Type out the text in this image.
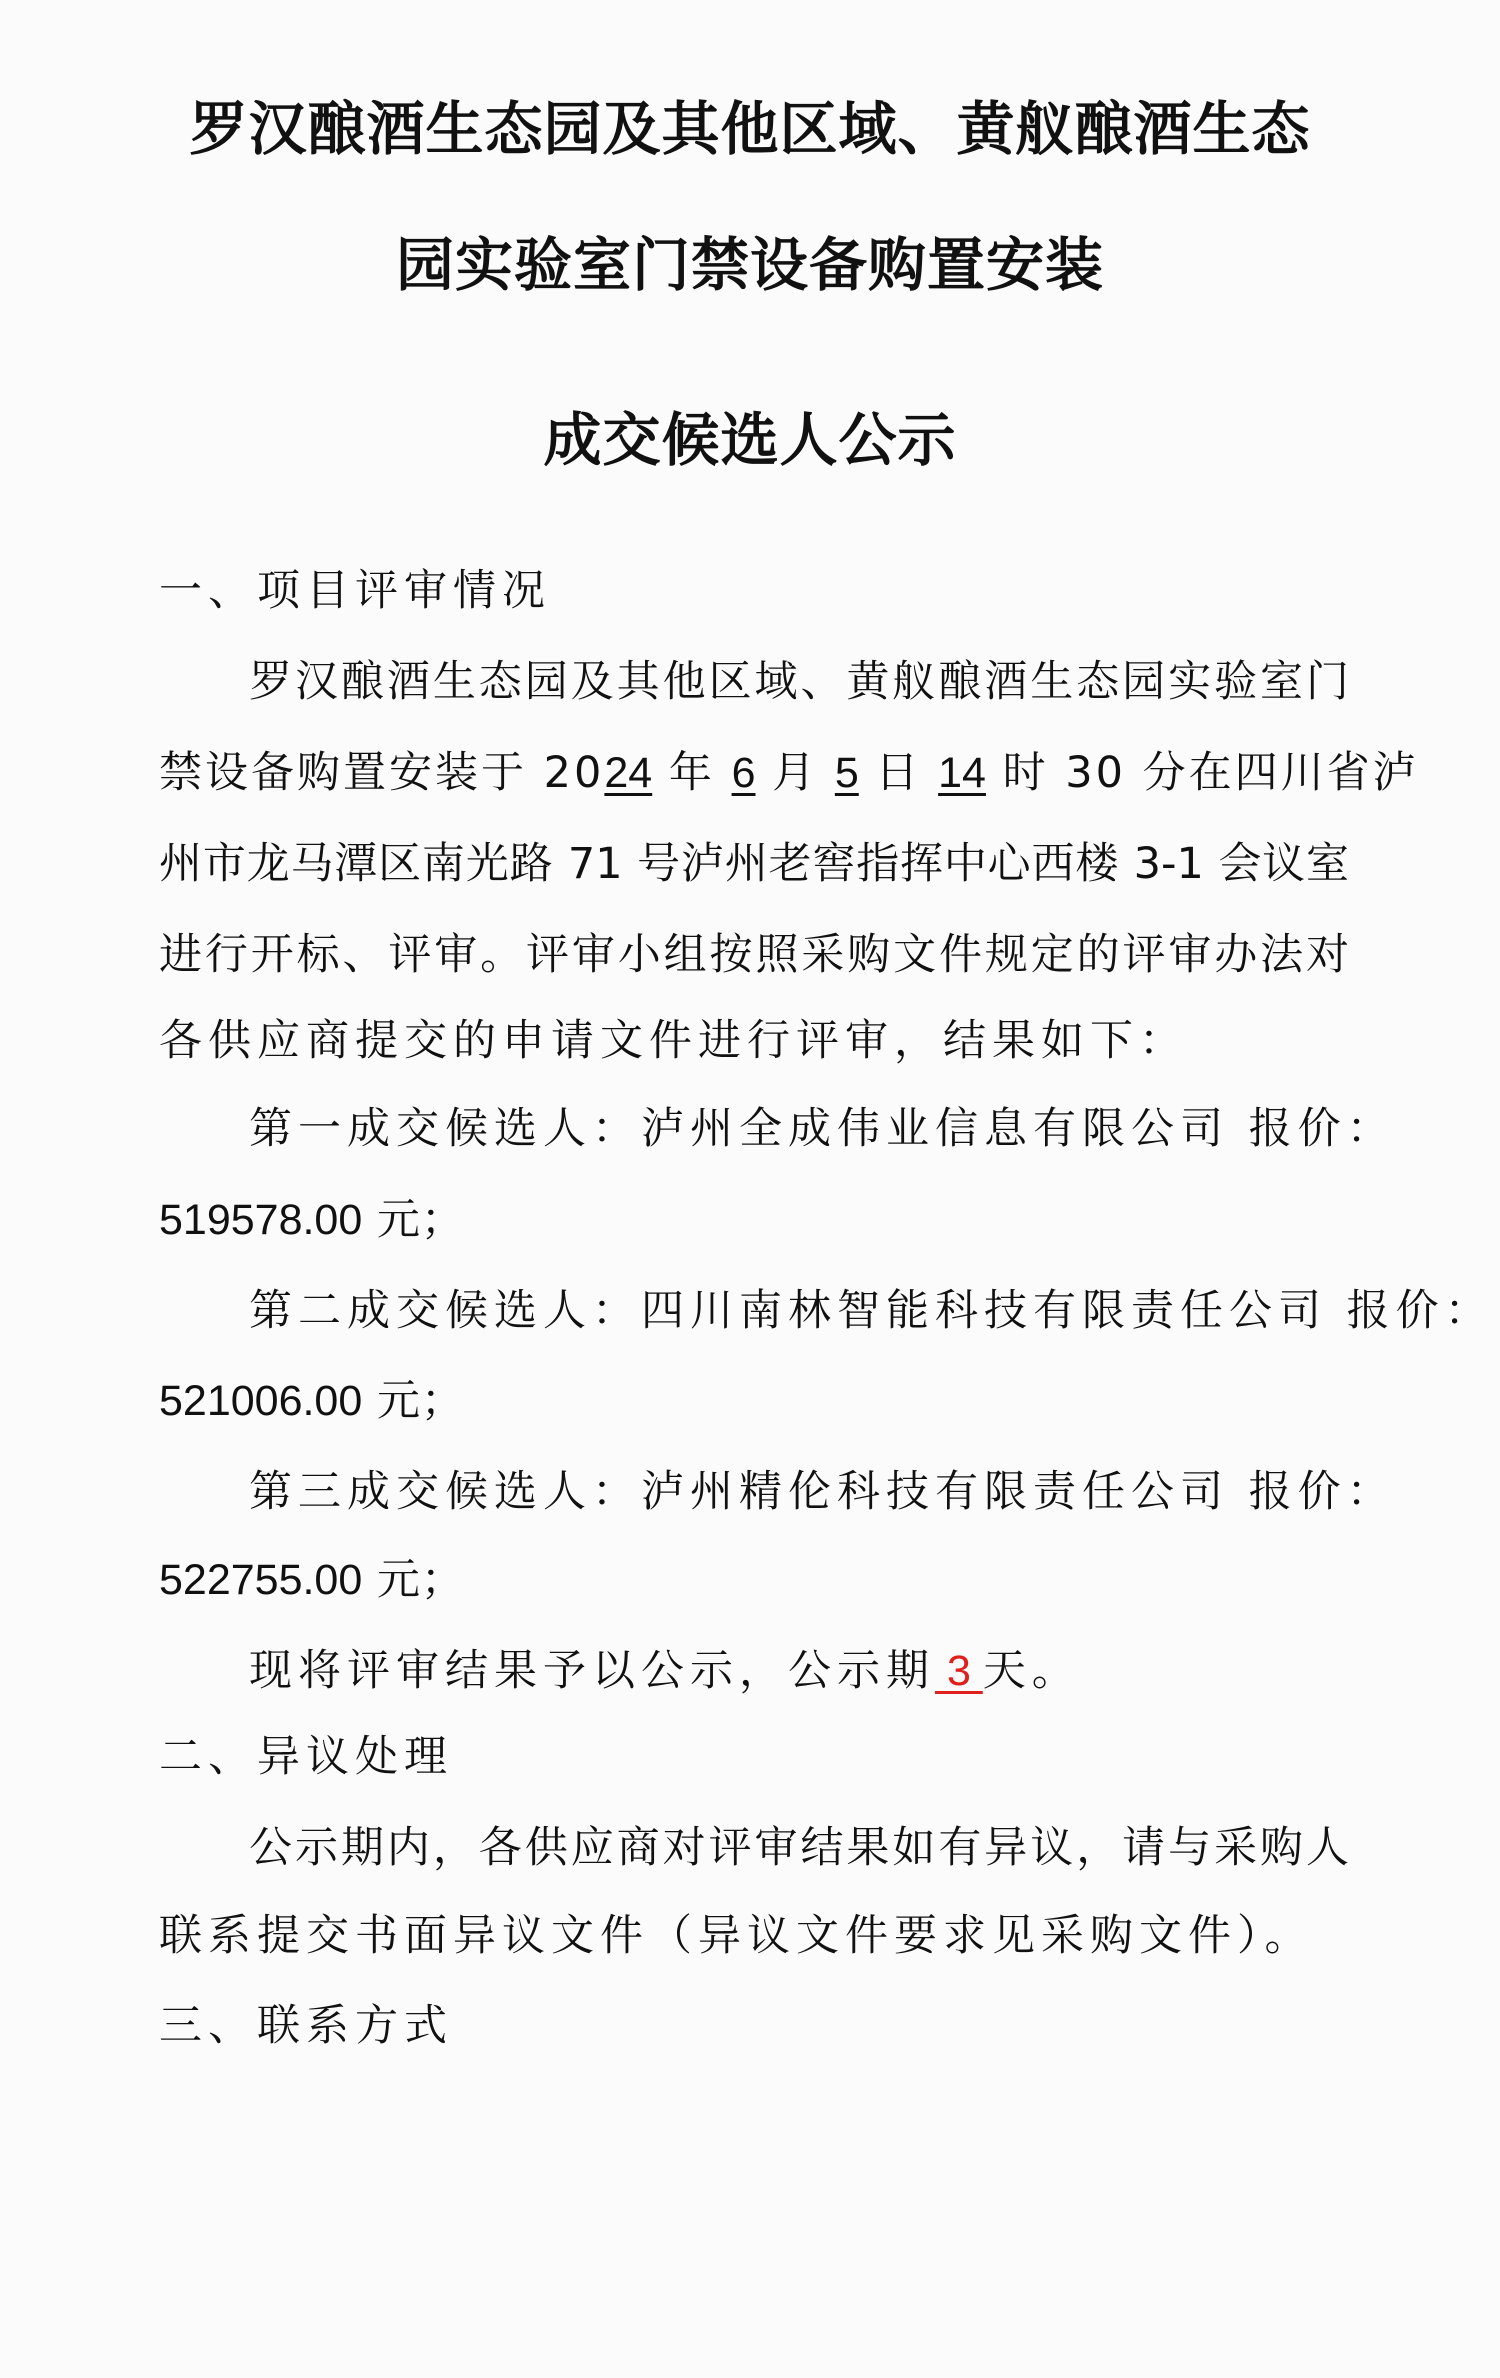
罗汉酿酒生态园及其他区域、黄舣酿酒生态
园实验室门禁设备购置安装
成交候选人公示
一、项目评审情况
罗汉酿酒生态园及其他区域、黄舣酿酒生态园实验室门
禁设备购置安装于 2024 年 6 月 5 日 14 时 30 分在四川省泸
州市龙马潭区南光路 71 号泸州老窖指挥中心西楼 3-1 会议室
进行开标、评审。评审小组按照采购文件规定的评审办法对
各供应商提交的申请文件进行评审，结果如下：
第一成交候选人：泸州全成伟业信息有限公司 报价：
519578.00 元；
第二成交候选人：四川南林智能科技有限责任公司 报价：
521006.00 元；
第三成交候选人：泸州精伦科技有限责任公司 报价：
522755.00 元；
现将评审结果予以公示，公示期 3 天。
二、异议处理
公示期内，各供应商对评审结果如有异议，请与采购人
联系提交书面异议文件（异议文件要求见采购文件）。
三、联系方式
